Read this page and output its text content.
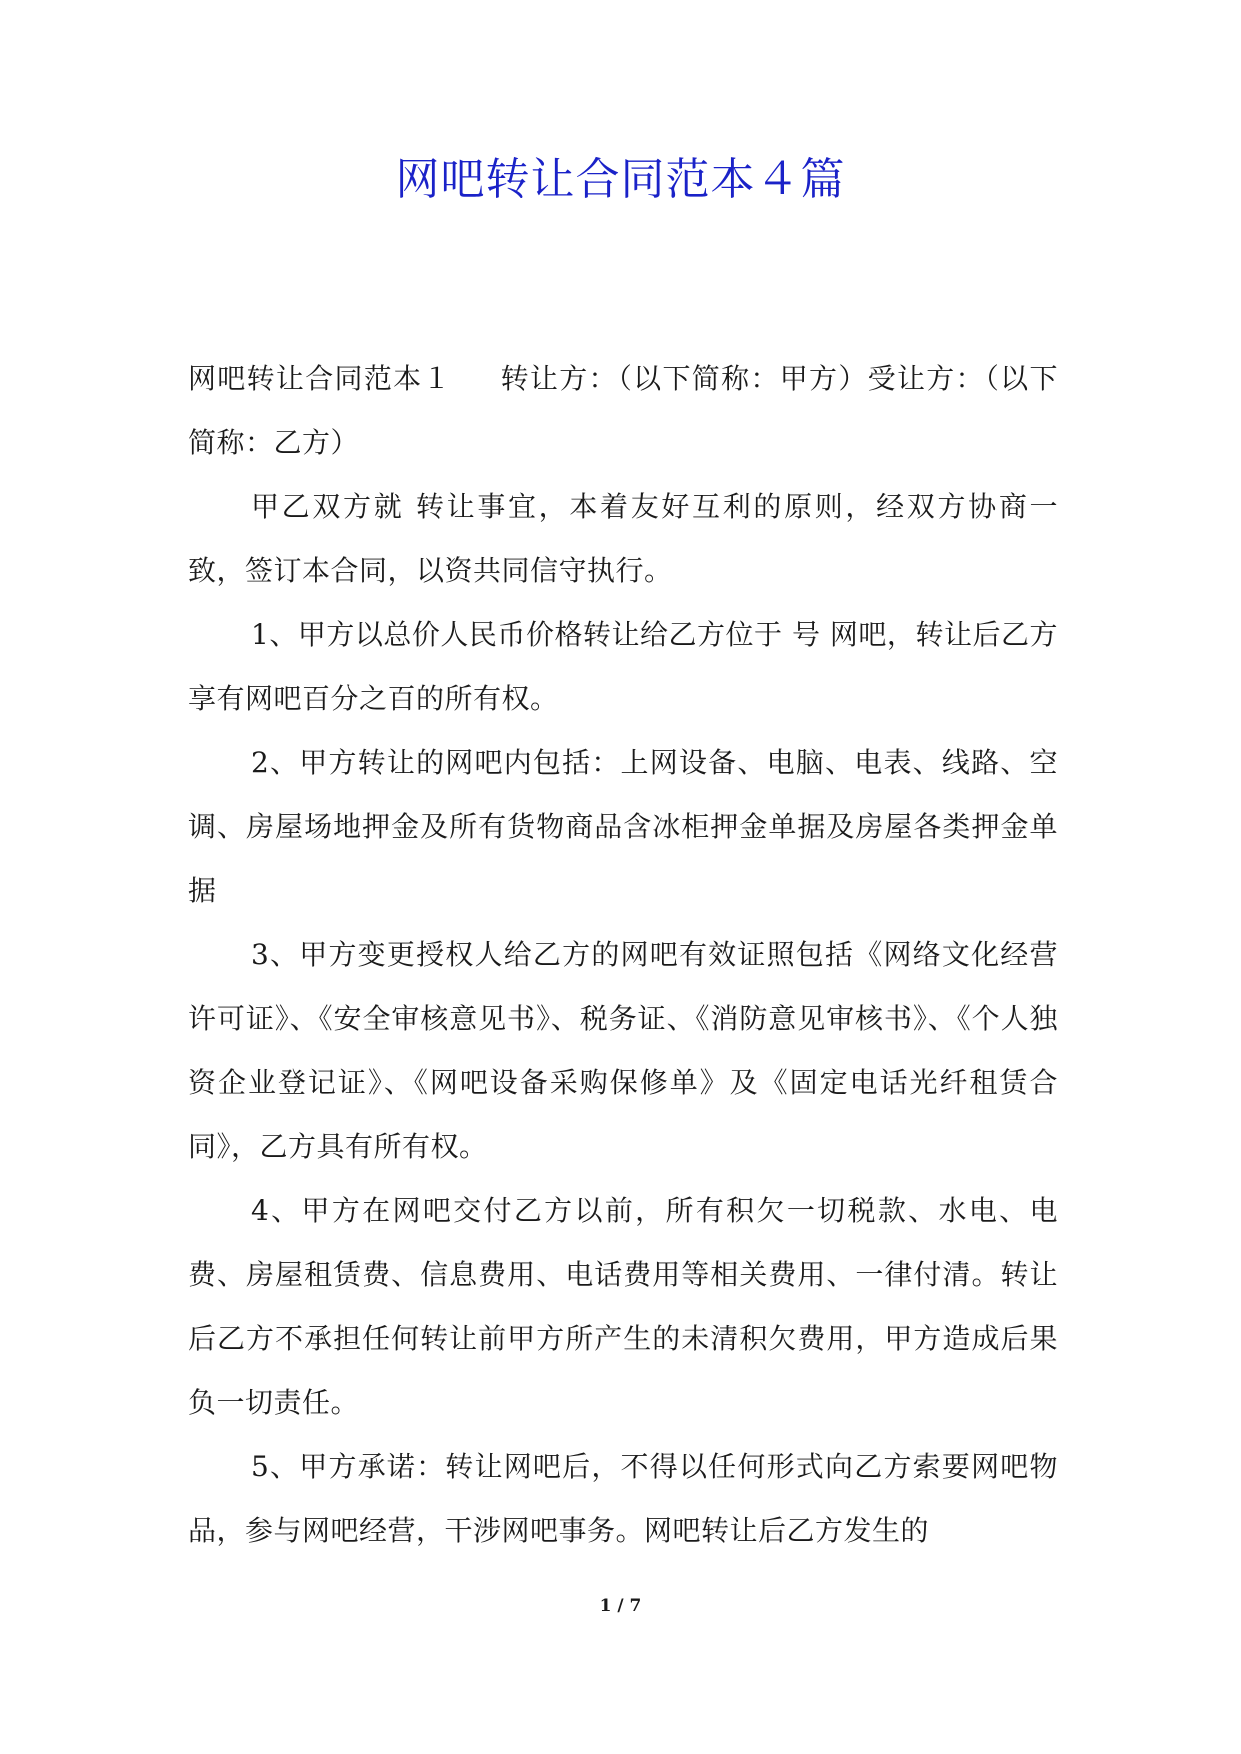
网吧转让合同范本４篇

网吧转让合同范本１ 转让方：（以下简称：甲方）受让方：（以下简称：乙方）

甲乙双方就 转让事宜，本着友好互利的原则，经双方协商一致，签订本合同，以资共同信守执行。

1、甲方以总价人民币价格转让给乙方位于 号 网吧，转让后乙方享有网吧百分之百的所有权。

2、甲方转让的网吧内包括：上网设备、电脑、电表、线路、空调、房屋场地押金及所有货物商品含冰柜押金单据及房屋各类押金单据

3、甲方变更授权人给乙方的网吧有效证照包括《网络文化经营许可证》、《安全审核意见书》、税务证、《消防意见审核书》、《个人独资企业登记证》、《网吧设备采购保修单》及《固定电话光纤租赁合同》，乙方具有所有权。

4、甲方在网吧交付乙方以前，所有积欠一切税款、水电、电费、房屋租赁费、信息费用、电话费用等相关费用、一律付清。转让后乙方不承担任何转让前甲方所产生的未清积欠费用，甲方造成后果负一切责任。

5、甲方承诺：转让网吧后，不得以任何形式向乙方索要网吧物品，参与网吧经营，干涉网吧事务。网吧转让后乙方发生的

1 / 7
